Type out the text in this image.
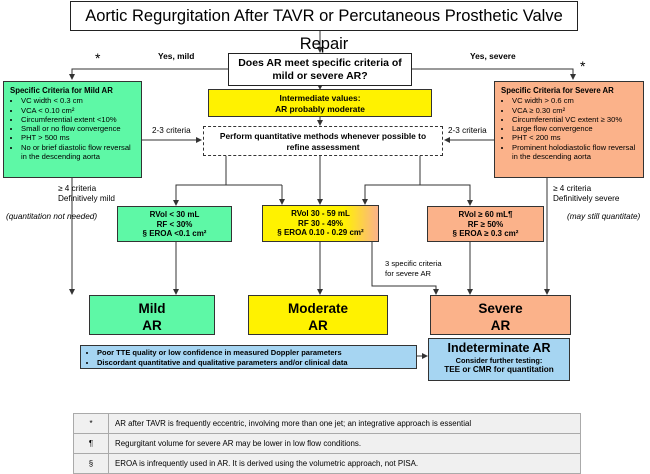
Aortic Regurgitation After TAVR or Percutaneous Prosthetic Valve Repair
Does AR meet specific criteria of
mild or severe AR?
Yes, mild	Yes, severe
*	*
Specific Criteria for Mild AR
• VC width < 0.3 cm
• VCA < 0.10 cm²
• Circumferential extent <10%
• Small or no flow convergence
• PHT > 500 ms
• No or brief diastolic flow reversal in the descending aorta
Specific Criteria for Severe AR
• VC width > 0.6 cm
• VCA ≥ 0.30 cm²
• Circumferential VC extent ≥ 30%
• Large flow convergence
• PHT < 200 ms
• Prominent holodiastolic flow reversal in the descending aorta
Intermediate values:
AR probably moderate
Perform quantitative methods whenever possible to
refine assessment
2-3 criteria	2-3 criteria
≥ 4 criteria
Definitively mild
(quantitation not needed)
≥ 4 criteria
Definitively severe
(may still quantitate)
RVol < 30 mL
RF < 30%
§ EROA <0.1 cm²
RVol 30 - 59 mL
RF 30 - 49%
§ EROA 0.10 - 0.29 cm²
RVol ≥ 60 mL¶
RF ≥ 50%
§ EROA ≥ 0.3 cm²
3 specific criteria
for severe AR
Mild
AR
Moderate
AR
Severe
AR
• Poor TTE quality or low confidence in measured Doppler parameters
• Discordant quantitative and qualitative parameters and/or clinical data
Indeterminate AR
Consider further testing:
TEE or CMR for quantitation
*	AR after TAVR is frequently eccentric, involving more than one jet; an integrative approach is essential
¶	Regurgitant volume for severe AR may be lower in low flow conditions.
§	EROA is infrequently used in AR. It is derived using the volumetric approach, not PISA.
